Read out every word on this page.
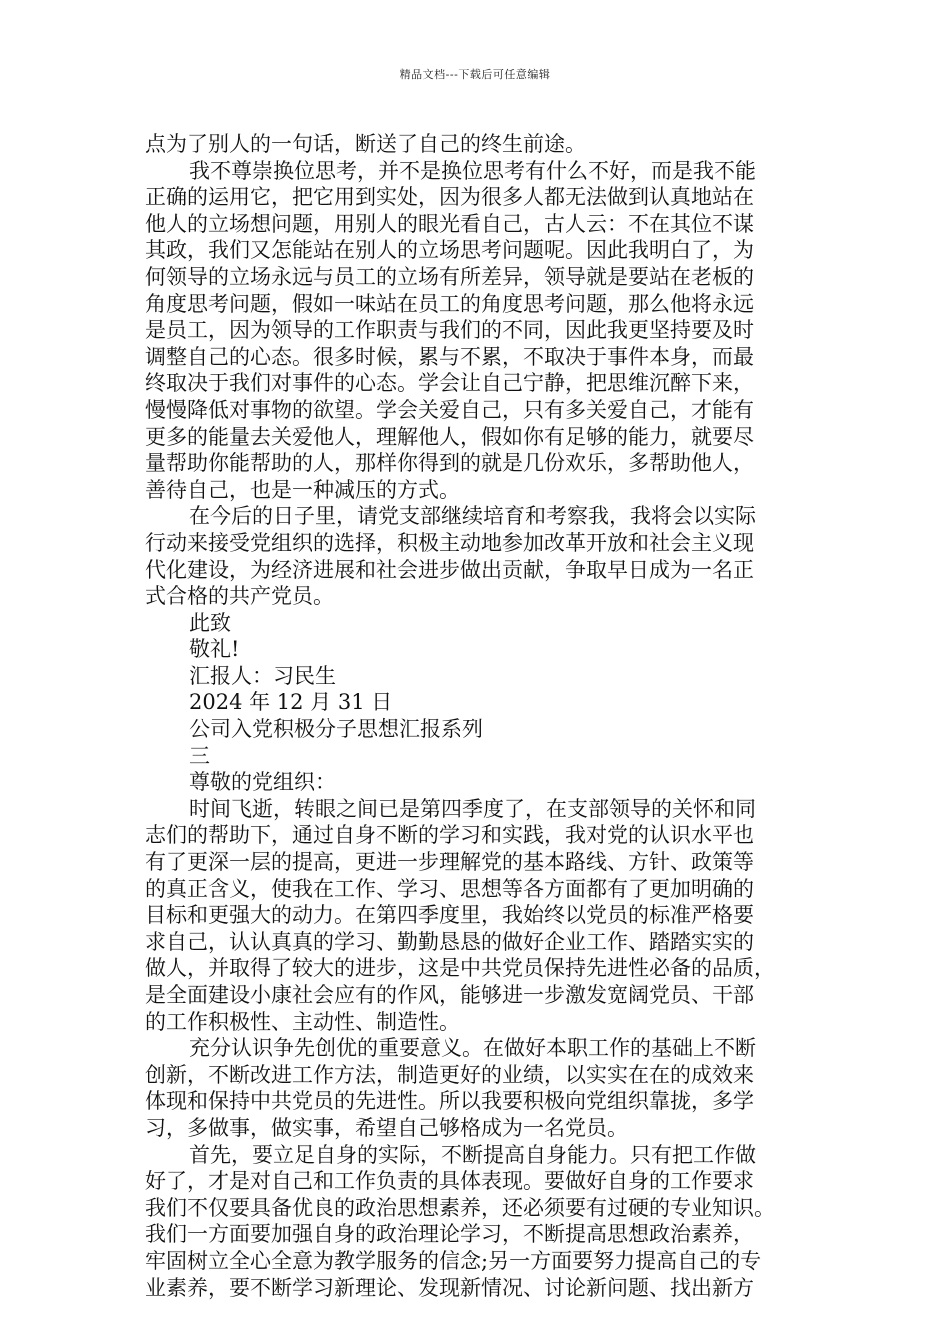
精品文档---下载后可任意编辑
点为了别人的一句话，断送了自己的终生前途。
我不尊崇换位思考，并不是换位思考有什么不好，而是我不能
正确的运用它，把它用到实处，因为很多人都无法做到认真地站在
他人的立场想问题，用别人的眼光看自己，古人云：不在其位不谋
其政，我们又怎能站在别人的立场思考问题呢。因此我明白了，为
何领导的立场永远与员工的立场有所差异，领导就是要站在老板的
角度思考问题，假如一味站在员工的角度思考问题，那么他将永远
是员工，因为领导的工作职责与我们的不同，因此我更坚持要及时
调整自己的心态。很多时候，累与不累，不取决于事件本身，而最
终取决于我们对事件的心态。学会让自己宁静，把思维沉醉下来，
慢慢降低对事物的欲望。学会关爱自己，只有多关爱自己，才能有
更多的能量去关爱他人，理解他人，假如你有足够的能力，就要尽
量帮助你能帮助的人，那样你得到的就是几份欢乐，多帮助他人，
善待自己，也是一种减压的方式。
在今后的日子里，请党支部继续培育和考察我，我将会以实际
行动来接受党组织的选择，积极主动地参加改革开放和社会主义现
代化建设，为经济进展和社会进步做出贡献，争取早日成为一名正
式合格的共产党员。
此致
敬礼!
汇报人：习民生
2024 年 12 月 31 日
公司入党积极分子思想汇报系列
三
尊敬的党组织：
时间飞逝，转眼之间已是第四季度了，在支部领导的关怀和同
志们的帮助下，通过自身不断的学习和实践，我对党的认识水平也
有了更深一层的提高，更进一步理解党的基本路线、方针、政策等
的真正含义，使我在工作、学习、思想等各方面都有了更加明确的
目标和更强大的动力。在第四季度里，我始终以党员的标准严格要
求自己，认认真真的学习、勤勤恳恳的做好企业工作、踏踏实实的
做人，并取得了较大的进步，这是中共党员保持先进性必备的品质，
是全面建设小康社会应有的作风，能够进一步激发宽阔党员、干部
的工作积极性、主动性、制造性。
充分认识争先创优的重要意义。在做好本职工作的基础上不断
创新，不断改进工作方法，制造更好的业绩，以实实在在的成效来
体现和保持中共党员的先进性。所以我要积极向党组织靠拢，多学
习，多做事，做实事，希望自己够格成为一名党员。
首先，要立足自身的实际，不断提高自身能力。只有把工作做
好了，才是对自己和工作负责的具体表现。要做好自身的工作要求
我们不仅要具备优良的政治思想素养，还必须要有过硬的专业知识。
我们一方面要加强自身的政治理论学习，不断提高思想政治素养，
牢固树立全心全意为教学服务的信念;另一方面要努力提高自己的专
业素养，要不断学习新理论、发现新情况、讨论新问题、找出新方
